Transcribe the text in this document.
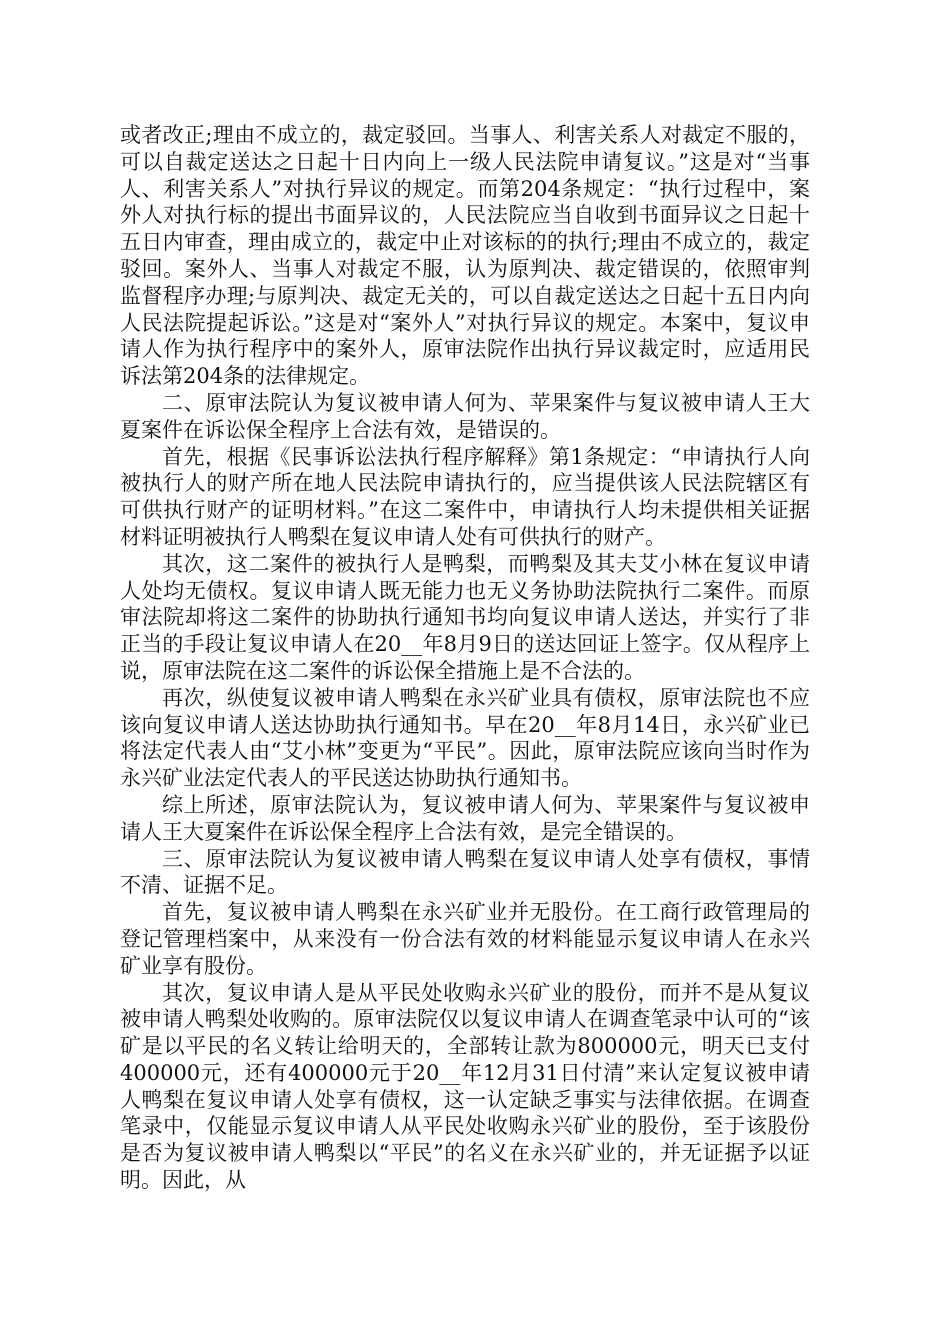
或者改正;理由不成立的，裁定驳回。当事人、利害关系人对裁定不服的，可以自裁定送达之日起十日内向上一级人民法院申请复议。”这是对“当事人、利害关系人”对执行异议的规定。而第204条规定：“执行过程中，案外人对执行标的提出书面异议的，人民法院应当自收到书面异议之日起十五日内审查，理由成立的，裁定中止对该标的的执行;理由不成立的，裁定驳回。案外人、当事人对裁定不服，认为原判决、裁定错误的，依照审判监督程序办理;与原判决、裁定无关的，可以自裁定送达之日起十五日内向人民法院提起诉讼。”这是对“案外人”对执行异议的规定。本案中，复议申请人作为执行程序中的案外人，原审法院作出执行异议裁定时，应适用民诉法第204条的法律规定。

二、原审法院认为复议被申请人何为、苹果案件与复议被申请人王大夏案件在诉讼保全程序上合法有效，是错误的。

首先，根据《民事诉讼法执行程序解释》第1条规定：“申请执行人向被执行人的财产所在地人民法院申请执行的，应当提供该人民法院辖区有可供执行财产的证明材料。”在这二案件中，申请执行人均未提供相关证据材料证明被执行人鸭梨在复议申请人处有可供执行的财产。

其次，这二案件的被执行人是鸭梨，而鸭梨及其夫艾小林在复议申请人处均无债权。复议申请人既无能力也无义务协助法院执行二案件。而原审法院却将这二案件的协助执行通知书均向复议申请人送达，并实行了非正当的手段让复议申请人在20__年8月9日的送达回证上签字。仅从程序上说，原审法院在这二案件的诉讼保全措施上是不合法的。

再次，纵使复议被申请人鸭梨在永兴矿业具有债权，原审法院也不应该向复议申请人送达协助执行通知书。早在20__年8月14日，永兴矿业已将法定代表人由“艾小林”变更为“平民”。因此，原审法院应该向当时作为永兴矿业法定代表人的平民送达协助执行通知书。

综上所述，原审法院认为，复议被申请人何为、苹果案件与复议被申请人王大夏案件在诉讼保全程序上合法有效，是完全错误的。

三、原审法院认为复议被申请人鸭梨在复议申请人处享有债权，事情不清、证据不足。

首先，复议被申请人鸭梨在永兴矿业并无股份。在工商行政管理局的登记管理档案中，从来没有一份合法有效的材料能显示复议申请人在永兴矿业享有股份。

其次，复议申请人是从平民处收购永兴矿业的股份，而并不是从复议被申请人鸭梨处收购的。原审法院仅以复议申请人在调查笔录中认可的“该矿是以平民的名义转让给明天的，全部转让款为800000元，明天已支付400000元，还有400000元于20__年12月31日付清”来认定复议被申请人鸭梨在复议申请人处享有债权，这一认定缺乏事实与法律依据。在调查笔录中，仅能显示复议申请人从平民处收购永兴矿业的股份，至于该股份是否为复议被申请人鸭梨以“平民”的名义在永兴矿业的，并无证据予以证明。因此，从
